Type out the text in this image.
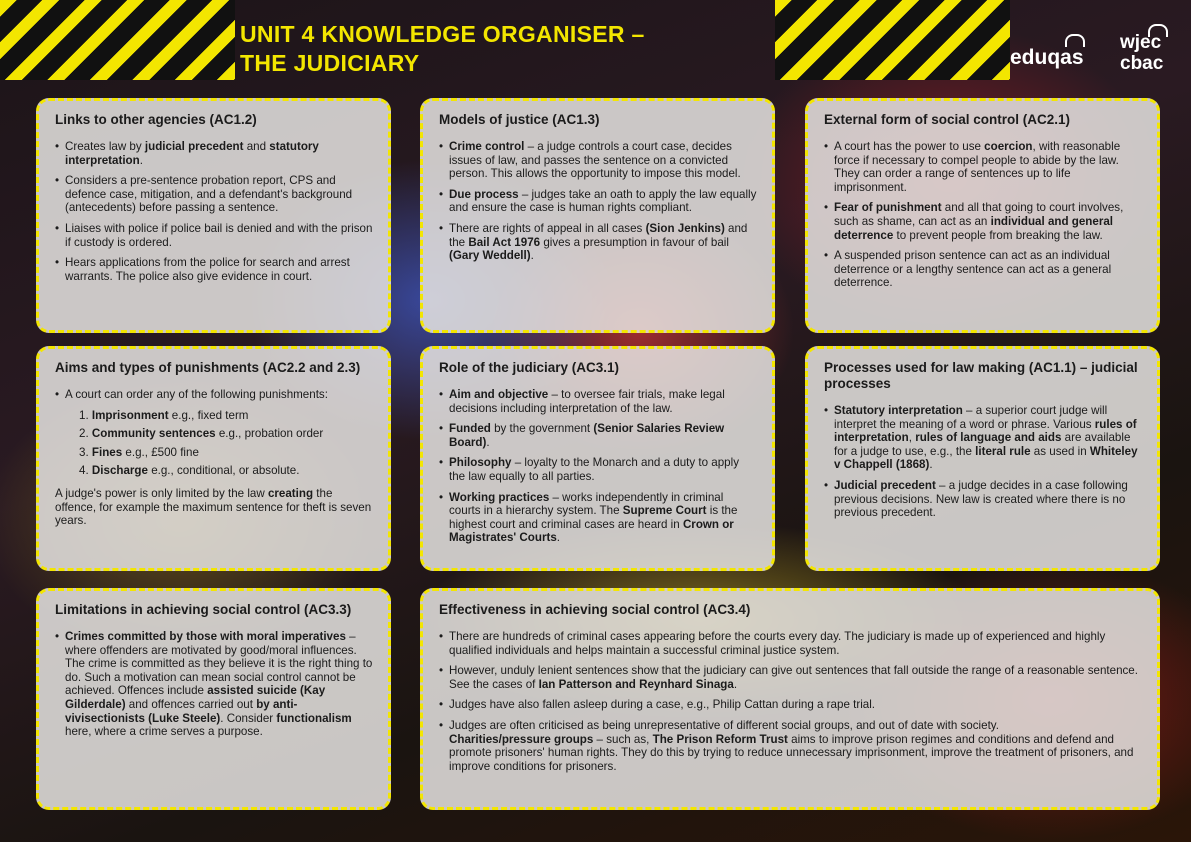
UNIT 4 KNOWLEDGE ORGANISER –
THE JUDICIARY	eduqas
wjec
cbac
Links to other agencies (AC1.2)
• Creates law by judicial precedent and statutory interpretation.
• Considers a pre-sentence probation report, CPS and defence case, mitigation, and a defendant's background (antecedents) before passing a sentence.
• Liaises with police if police bail is denied and with the prison if custody is ordered.
• Hears applications from the police for search and arrest warrants. The police also give evidence in court.
Models of justice (AC1.3)
• Crime control – a judge controls a court case, decides issues of law, and passes the sentence on a convicted person. This allows the opportunity to impose this model.
• Due process – judges take an oath to apply the law equally and ensure the case is human rights compliant.
• There are rights of appeal in all cases (Sion Jenkins) and the Bail Act 1976 gives a presumption in favour of bail (Gary Weddell).
External form of social control (AC2.1)
• A court has the power to use coercion, with reasonable force if necessary to compel people to abide by the law. They can order a range of sentences up to life imprisonment.
• Fear of punishment and all that going to court involves, such as shame, can act as an individual and general deterrence to prevent people from breaking the law.
• A suspended prison sentence can act as an individual deterrence or a lengthy sentence can act as a general deterrence.
Aims and types of punishments (AC2.2 and 2.3)
• A court can order any of the following punishments:
1. Imprisonment e.g., fixed term
2. Community sentences e.g., probation order
3. Fines e.g., £500 fine
4. Discharge e.g., conditional, or absolute.

A judge's power is only limited by the law creating the offence, for example the maximum sentence for theft is seven years.

Role of the judiciary (AC3.1)
• Aim and objective – to oversee fair trials, make legal decisions including interpretation of the law.
• Funded by the government (Senior Salaries Review Board).
• Philosophy – loyalty to the Monarch and a duty to apply the law equally to all parties.
• Working practices – works independently in criminal courts in a hierarchy system. The Supreme Court is the highest court and criminal cases are heard in Crown or Magistrates' Courts.
Processes used for law making (AC1.1) – judicial processes
• Statutory interpretation – a superior court judge will interpret the meaning of a word or phrase. Various rules of interpretation, rules of language and aids are available for a judge to use, e.g., the literal rule as used in Whiteley v Chappell (1868).
• Judicial precedent – a judge decides in a case following previous decisions. New law is created where there is no previous precedent.
Limitations in achieving social control (AC3.3)
• Crimes committed by those with moral imperatives – where offenders are motivated by good/moral influences. The crime is committed as they believe it is the right thing to do. Such a motivation can mean social control cannot be achieved. Offences include assisted suicide (Kay Gilderdale) and offences carried out by anti-vivisectionists (Luke Steele). Consider functionalism here, where a crime serves a purpose.
Effectiveness in achieving social control (AC3.4)
• There are hundreds of criminal cases appearing before the courts every day. The judiciary is made up of experienced and highly qualified individuals and helps maintain a successful criminal justice system.
• However, unduly lenient sentences show that the judiciary can give out sentences that fall outside the range of a reasonable sentence. See the cases of Ian Patterson and Reynhard Sinaga.
• Judges have also fallen asleep during a case, e.g., Philip Cattan during a rape trial.
• Judges are often criticised as being unrepresentative of different social groups, and out of date with society.
Charities/pressure groups – such as, The Prison Reform Trust aims to improve prison regimes and conditions and defend and promote prisoners' human rights. They do this by trying to reduce unnecessary imprisonment, improve the treatment of prisoners, and improve conditions for prisoners.
